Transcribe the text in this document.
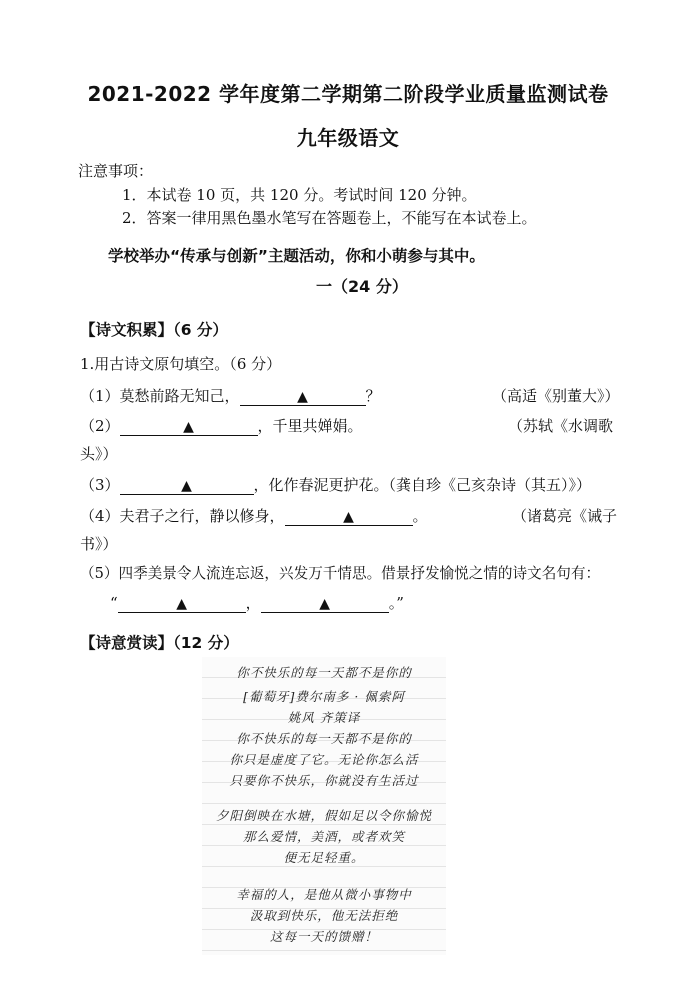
2021-2022 学年度第二学期第二阶段学业质量监测试卷
九年级语文
注意事项：
1．本试卷 10 页，共 120 分。考试时间 120 分钟。
2．答案一律用黑色墨水笔写在答题卷上，不能写在本试卷上。
学校举办“传承与创新”主题活动，你和小萌参与其中。
一（24 分）
【诗文积累】（6 分）
1.用古诗文原句填空。（6 分）
（1）莫愁前路无知己，	▲	？	（高适《别董大》）
（2）	▲	，千里共婵娟。	（苏轼《水调歌
头》）
（3）	▲	，化作春泥更护花。（龚自珍《己亥杂诗（其五）》）
（4）夫君子之行，静以修身，	▲	。	（诸葛亮《诫子
书》）
（5）四季美景令人流连忘返，兴发万千情思。借景抒发愉悦之情的诗文名句有：
“	▲	，	▲	。”
【诗意赏读】（12 分）
你不快乐的每一天都不是你的
[葡萄牙]费尔南多 · 佩索阿
姚风 齐策译
你不快乐的每一天都不是你的
你只是虚度了它。无论你怎么活
只要你不快乐，你就没有生活过
夕阳倒映在水塘，假如足以令你愉悦
那么爱情，美酒，或者欢笑
便无足轻重。
幸福的人，是他从微小事物中
汲取到快乐，他无法拒绝
这每一天的馈赠！
